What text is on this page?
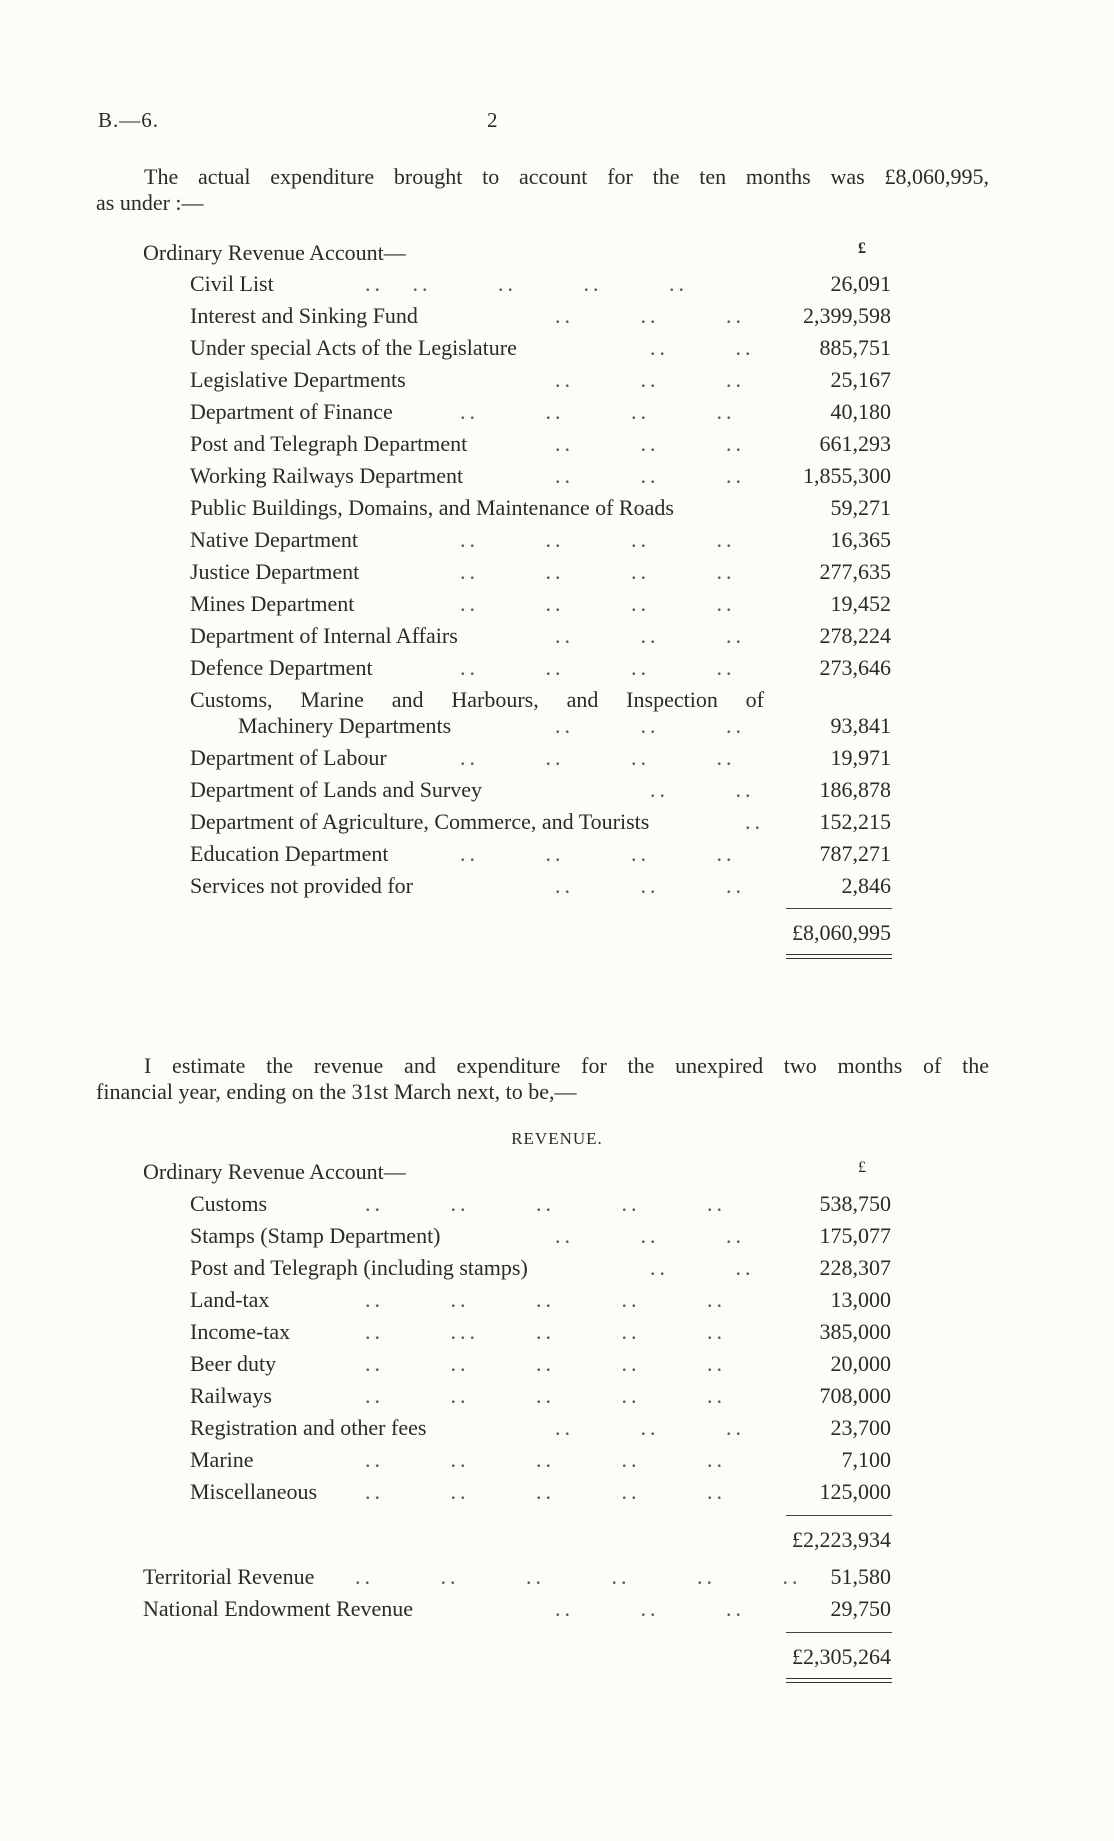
B.—6.	2
The actual expenditure brought to account for the ten months was £8,060,995,
as under :—
Ordinary Revenue Account—	£
Civil List	..   ..       ..       ..       ..	26,091
Interest and Sinking Fund	..       ..       ..	2,399,598
Under special Acts of the Legislature	..       ..	885,751
Legislative Departments	..       ..       ..	25,167
Department of Finance	..       ..       ..       ..	40,180
Post and Telegraph Department	..       ..       ..	661,293
Working Railways Department	..       ..       ..	1,855,300
Public Buildings, Domains, and Maintenance of Roads	59,271
Native Department	..       ..       ..       ..	16,365
Justice Department	..       ..       ..       ..	277,635
Mines Department	..       ..       ..       ..	19,452
Department of Internal Affairs	..       ..       ..	278,224
Defence Department	..       ..       ..       ..	273,646
Customs, Marine and Harbours, and Inspection of
Machinery Departments	..       ..       ..	93,841
Department of Labour	..       ..       ..       ..	19,971
Department of Lands and Survey	..       ..	186,878
Department of Agriculture, Commerce, and Tourists	..	152,215
Education Department	..       ..       ..       ..	787,271
Services not provided for	..       ..       ..	2,846
£8,060,995
I estimate the revenue and expenditure for the unexpired two months of the
financial year, ending on the 31st March next, to be,—
REVENUE.
Ordinary Revenue Account—	£
Customs	..       ..       ..       ..       ..	538,750
Stamps (Stamp Department)	..       ..       ..	175,077
Post and Telegraph (including stamps)	..       ..	228,307
Land-tax	..       ..       ..       ..       ..	13,000
Income-tax	..       ...      ..       ..       ..	385,000
Beer duty	..       ..       ..       ..       ..	20,000
Railways	..       ..       ..       ..       ..	708,000
Registration and other fees	..       ..       ..	23,700
Marine	..       ..       ..       ..       ..	7,100
Miscellaneous ..       ..       ..       ..       ..	125,000
£2,223,934
Territorial Revenue ..       ..       ..       ..       ..       .. 51,580
National Endowment Revenue	..       ..       ..	29,750
£2,305,264
